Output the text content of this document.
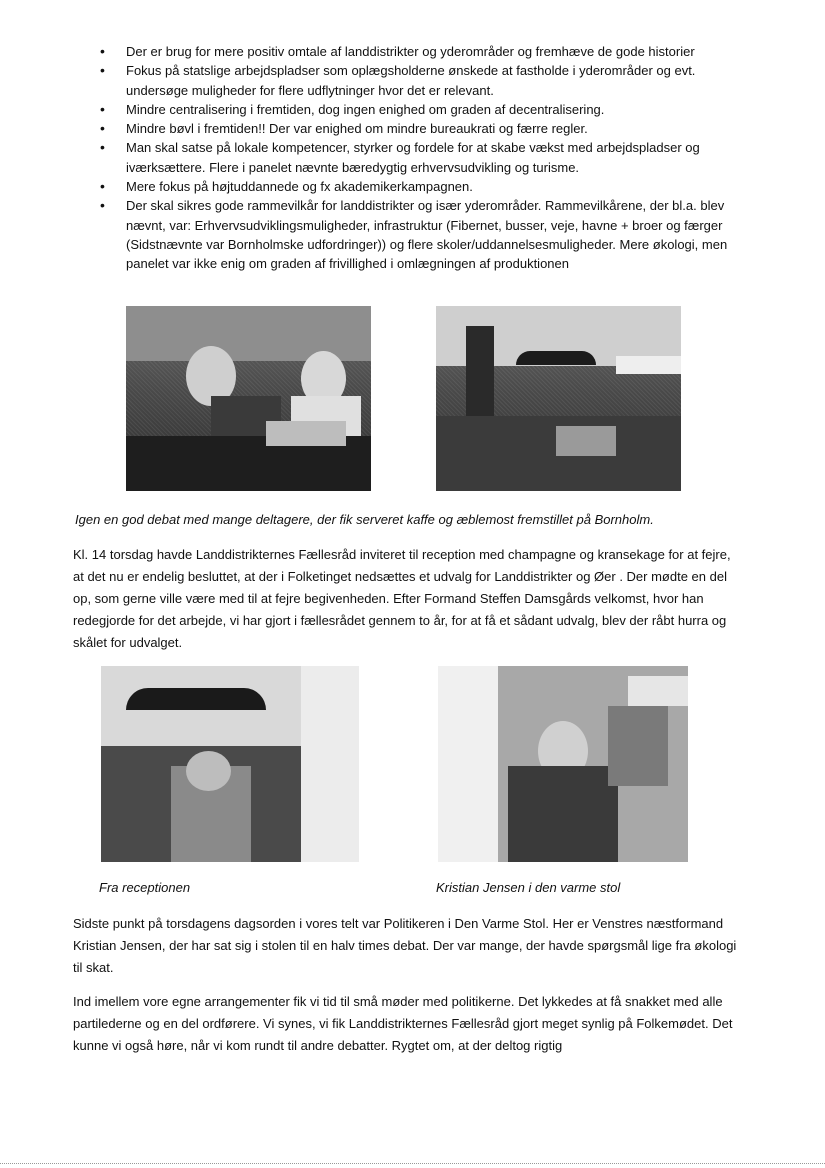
• Der er brug for mere positiv omtale af landdistrikter og yderområder og fremhæve de gode historier
• Fokus på statslige arbejdspladser som oplægsholderne ønskede at fastholde i yderområder og evt. undersøge muligheder for flere udflytninger hvor det er relevant.
• Mindre centralisering i fremtiden, dog ingen enighed om graden af decentralisering.
• Mindre bøvl i fremtiden!! Der var enighed om mindre bureaukrati og færre regler.
• Man skal satse på lokale kompetencer, styrker og fordele for at skabe vækst med arbejdspladser og iværksættere. Flere i panelet nævnte bæredygtig erhvervsudvikling og turisme.
• Mere fokus på højtuddannede og fx akademikerkampagnen.
• Der skal sikres gode rammevilkår for landdistrikter og især yderområder. Rammevilkårene, der bl.a. blev nævnt, var: Erhvervsudviklingsmuligheder, infrastruktur (Fibernet, busser, veje, havne + broer og færger (Sidstnævnte var Bornholmske udfordringer)) og flere skoler/uddannelsesmuligheder. Mere økologi, men panelet var ikke enig om graden af frivillighed i omlægningen af produktionen
Igen en god debat med mange deltagere, der fik serveret kaffe og æblemost fremstillet på Bornholm.

Kl. 14 torsdag havde Landdistrikternes Fællesråd inviteret til reception med champagne og kransekage for at fejre, at det nu er endelig besluttet, at der i Folketinget nedsættes et udvalg for Landdistrikter og Øer . Der mødte en del op, som gerne ville være med til at fejre begivenheden. Efter Formand Steffen Damsgårds velkomst, hvor han redegjorde for det arbejde, vi har gjort i fællesrådet gennem to år, for at få et sådant udvalg, blev der råbt hurra og skålet for udvalget.

Fra receptionen	Kristian Jensen i den varme stol

Sidste punkt på torsdagens dagsorden i vores telt var Politikeren i Den Varme Stol. Her er Venstres næstformand Kristian Jensen, der har sat sig i stolen til en halv times debat. Der var mange, der havde spørgsmål lige fra økologi til skat.

Ind imellem vore egne arrangementer fik vi tid til små møder med politikerne. Det lykkedes at få snakket med alle partilederne og en del ordførere. Vi synes, vi fik Landdistrikternes Fællesråd gjort meget synlig på Folkemødet. Det kunne vi også høre, når vi kom rundt til andre debatter. Rygtet om, at der deltog rigtig
